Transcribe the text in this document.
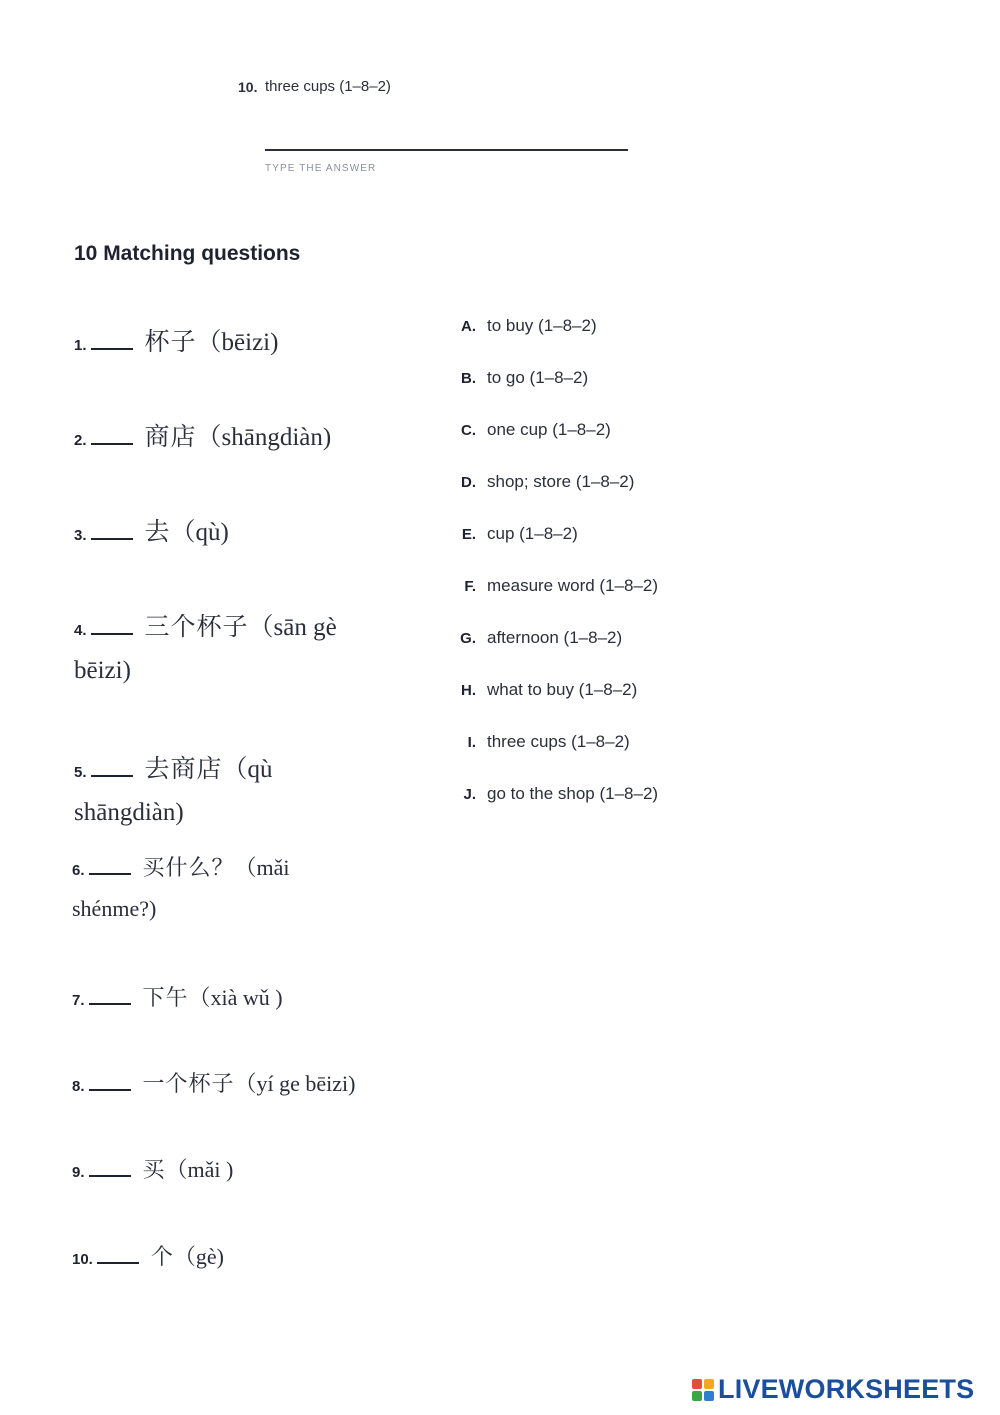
10. three cups (1–8–2)
TYPE THE ANSWER
10 Matching questions
1. 杯子 （bēizi)
2. 商店 （shāngdiàn)
3. 去 （qù)
4. 三个杯子 （sān gè
bēizi)
5. 去商店 （qù
shāngdiàn)
6.	买什么？ （mǎi
shénme?)
7.	下午 （xià wǔ )
8.	一个杯子 （yí ge bēizi)
9.	买 （mǎi )
10.	个 （gè)
A. to buy (1–8–2)
B. to go (1–8–2)
C. one cup (1–8–2)
D. shop; store (1–8–2)
E. cup (1–8–2)
F. measure word (1–8–2)
G. afternoon (1–8–2)
H. what to buy (1–8–2)
I. three cups (1–8–2)
J. go to the shop (1–8–2)
LIVEWORKSHEETS
